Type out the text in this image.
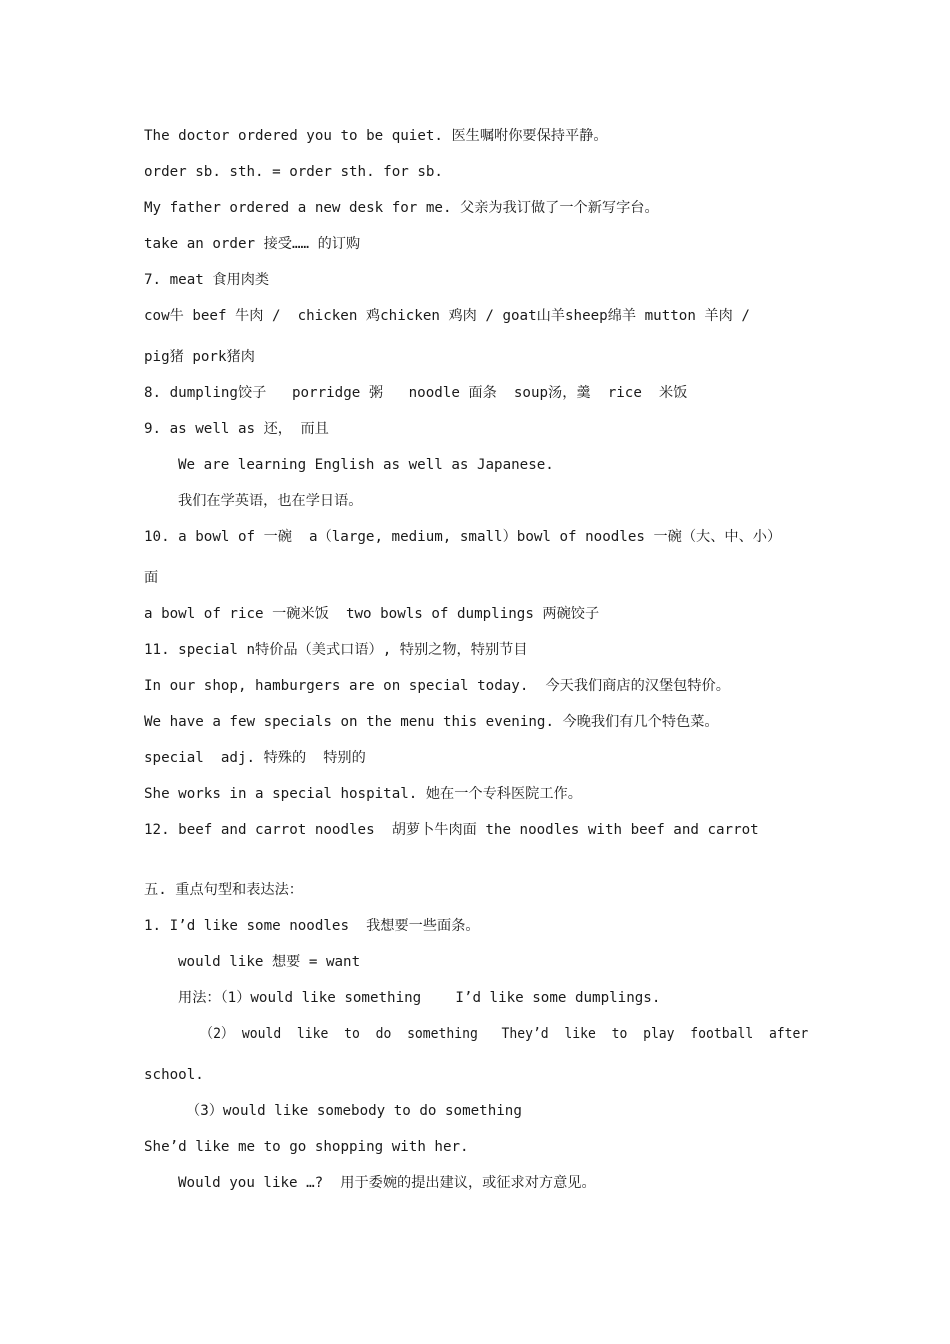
The doctor ordered you to be quiet. 医生嘱咐你要保持平静。
order sb. sth. = order sth. for sb.
My father ordered a new desk for me. 父亲为我订做了一个新写字台。
take an order 接受…… 的订购
7. meat 食用肉类
cow牛 beef 牛肉 /  chicken 鸡chicken 鸡肉 / goat山羊sheep绵羊 mutton 羊肉 /
pig猪 pork猪肉
8. dumpling饺子   porridge 粥   noodle 面条  soup汤，羹  rice  米饭
9. as well as 还， 而且
We are learning English as well as Japanese.
我们在学英语，也在学日语。
10. a bowl of 一碗  a（large, medium, small）bowl of noodles 一碗（大、中、小）
面
a bowl of rice 一碗米饭  two bowls of dumplings 两碗饺子
11. special n特价品（美式口语）, 特别之物，特别节目
In our shop, hamburgers are on special today.  今天我们商店的汉堡包特价。
We have a few specials on the menu this evening. 今晚我们有几个特色菜。
special  adj. 特殊的  特别的
She works in a special hospital. 她在一个专科医院工作。
12. beef and carrot noodles  胡萝卜牛肉面 the noodles with beef and carrot
五. 重点句型和表达法：
1. I’d like some noodles  我想要一些面条。
would like 想要 = want
用法：（1）would like something    I’d like some dumplings.
（2） would  like  to  do  something   They’d  like  to  play  football  after
school.
（3）would like somebody to do something
She’d like me to go shopping with her.
Would you like …?  用于委婉的提出建议，或征求对方意见。
